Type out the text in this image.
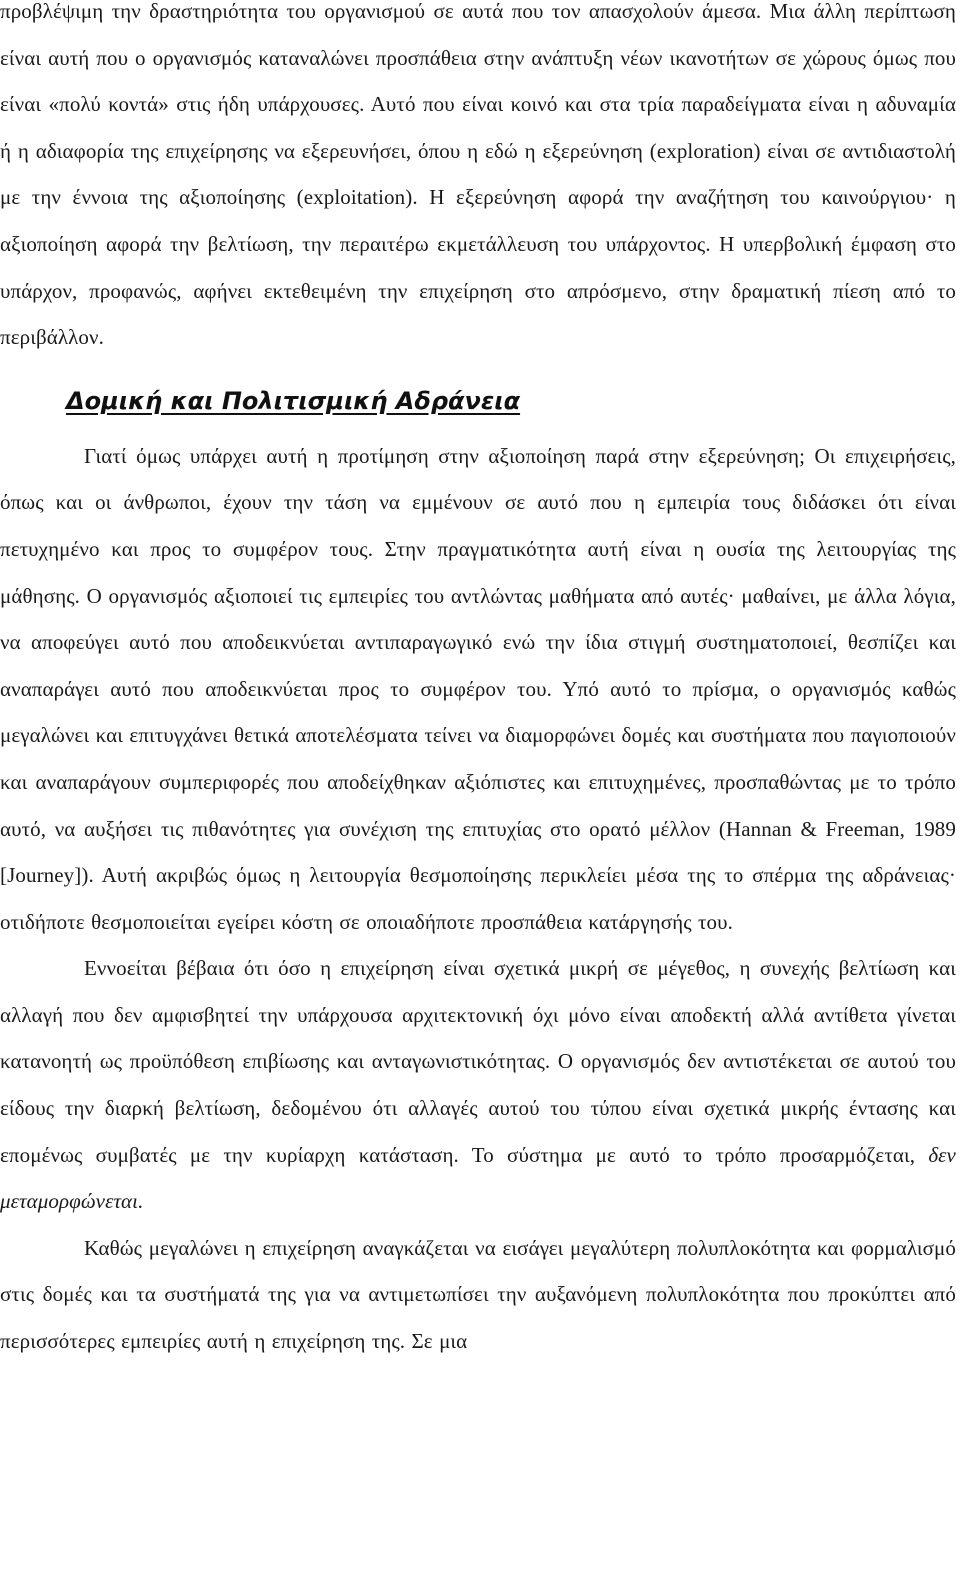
προβλέψιμη την δραστηριότητα του οργανισμού σε αυτά που τον απασχολούν άμεσα. Μια άλλη περίπτωση είναι αυτή που ο οργανισμός καταναλώνει προσπάθεια στην ανάπτυξη νέων ικανοτήτων σε χώρους όμως που είναι «πολύ κοντά» στις ήδη υπάρχουσες. Αυτό που είναι κοινό και στα τρία παραδείγματα είναι η αδυναμία ή η αδιαφορία της επιχείρησης να εξερευνήσει, όπου η εδώ η εξερεύνηση (exploration) είναι σε αντιδιαστολή με την έννοια της αξιοποίησης (exploitation). Η εξερεύνηση αφορά την αναζήτηση του καινούργιου· η αξιοποίηση αφορά την βελτίωση, την περαιτέρω εκμετάλλευση του υπάρχοντος. Η υπερβολική έμφαση στο υπάρχον, προφανώς, αφήνει εκτεθειμένη την επιχείρηση στο απρόσμενο, στην δραματική πίεση από το περιβάλλον.

Δομική και Πολιτισμική Αδράνεια

Γιατί όμως υπάρχει αυτή η προτίμηση στην αξιοποίηση παρά στην εξερεύνηση; Οι επιχειρήσεις, όπως και οι άνθρωποι, έχουν την τάση να εμμένουν σε αυτό που η εμπειρία τους διδάσκει ότι είναι πετυχημένο και προς το συμφέρον τους. Στην πραγματικότητα αυτή είναι η ουσία της λειτουργίας της μάθησης. Ο οργανισμός αξιοποιεί τις εμπειρίες του αντλώντας μαθήματα από αυτές· μαθαίνει, με άλλα λόγια, να αποφεύγει αυτό που αποδεικνύεται αντιπαραγωγικό ενώ την ίδια στιγμή συστηματοποιεί, θεσπίζει και αναπαράγει αυτό που αποδεικνύεται προς το συμφέρον του. Υπό αυτό το πρίσμα, ο οργανισμός καθώς μεγαλώνει και επιτυγχάνει θετικά αποτελέσματα τείνει να διαμορφώνει δομές και συστήματα που παγιοποιούν και αναπαράγουν συμπεριφορές που αποδείχθηκαν αξιόπιστες και επιτυχημένες, προσπαθώντας με το τρόπο αυτό, να αυξήσει τις πιθανότητες για συνέχιση της επιτυχίας στο ορατό μέλλον (Hannan & Freeman, 1989 [Journey]). Αυτή ακριβώς όμως η λειτουργία θεσμοποίησης περικλείει μέσα της το σπέρμα της αδράνειας· οτιδήποτε θεσμοποιείται εγείρει κόστη σε οποιαδήποτε προσπάθεια κατάργησής του.

Εννοείται βέβαια ότι όσο η επιχείρηση είναι σχετικά μικρή σε μέγεθος, η συνεχής βελτίωση και αλλαγή που δεν αμφισβητεί την υπάρχουσα αρχιτεκτονική όχι μόνο είναι αποδεκτή αλλά αντίθετα γίνεται κατανοητή ως προϋπόθεση επιβίωσης και ανταγωνιστικότητας. Ο οργανισμός δεν αντιστέκεται σε αυτού του είδους την διαρκή βελτίωση, δεδομένου ότι αλλαγές αυτού του τύπου είναι σχετικά μικρής έντασης και επομένως συμβατές με την κυρίαρχη κατάσταση. Το σύστημα με αυτό το τρόπο προσαρμόζεται, δεν μεταμορφώνεται.

Καθώς μεγαλώνει η επιχείρηση αναγκάζεται να εισάγει μεγαλύτερη πολυπλοκότητα και φορμαλισμό στις δομές και τα συστήματά της για να αντιμετωπίσει την αυξανόμενη πολυπλοκότητα που προκύπτει από περισσότερες εμπειρίες αυτή η επιχείρηση της. Σε μια
